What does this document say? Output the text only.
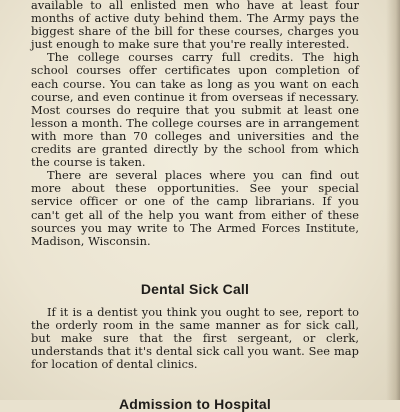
available to all enlisted men who have at least four months of active duty behind them. The Army pays the biggest share of the bill for these courses, charges you just enough to make sure that you're really interested.

The college courses carry full credits. The high school courses offer certificates upon completion of each course. You can take as long as you want on each course, and even continue it from overseas if necessary. Most courses do require that you submit at least one lesson a month. The college courses are in arrangement with more than 70 colleges and universities and the credits are granted directly by the school from which the course is taken.

There are several places where you can find out more about these opportunities. See your special service officer or one of the camp librarians. If you can't get all of the help you want from either of these sources you may write to The Armed Forces Institute, Madison, Wisconsin.

Dental Sick Call

If it is a dentist you think you ought to see, report to the orderly room in the same manner as for sick call, but make sure that the first sergeant, or clerk, understands that it's dental sick call you want. See map for location of dental clinics.

Admission to Hospital
